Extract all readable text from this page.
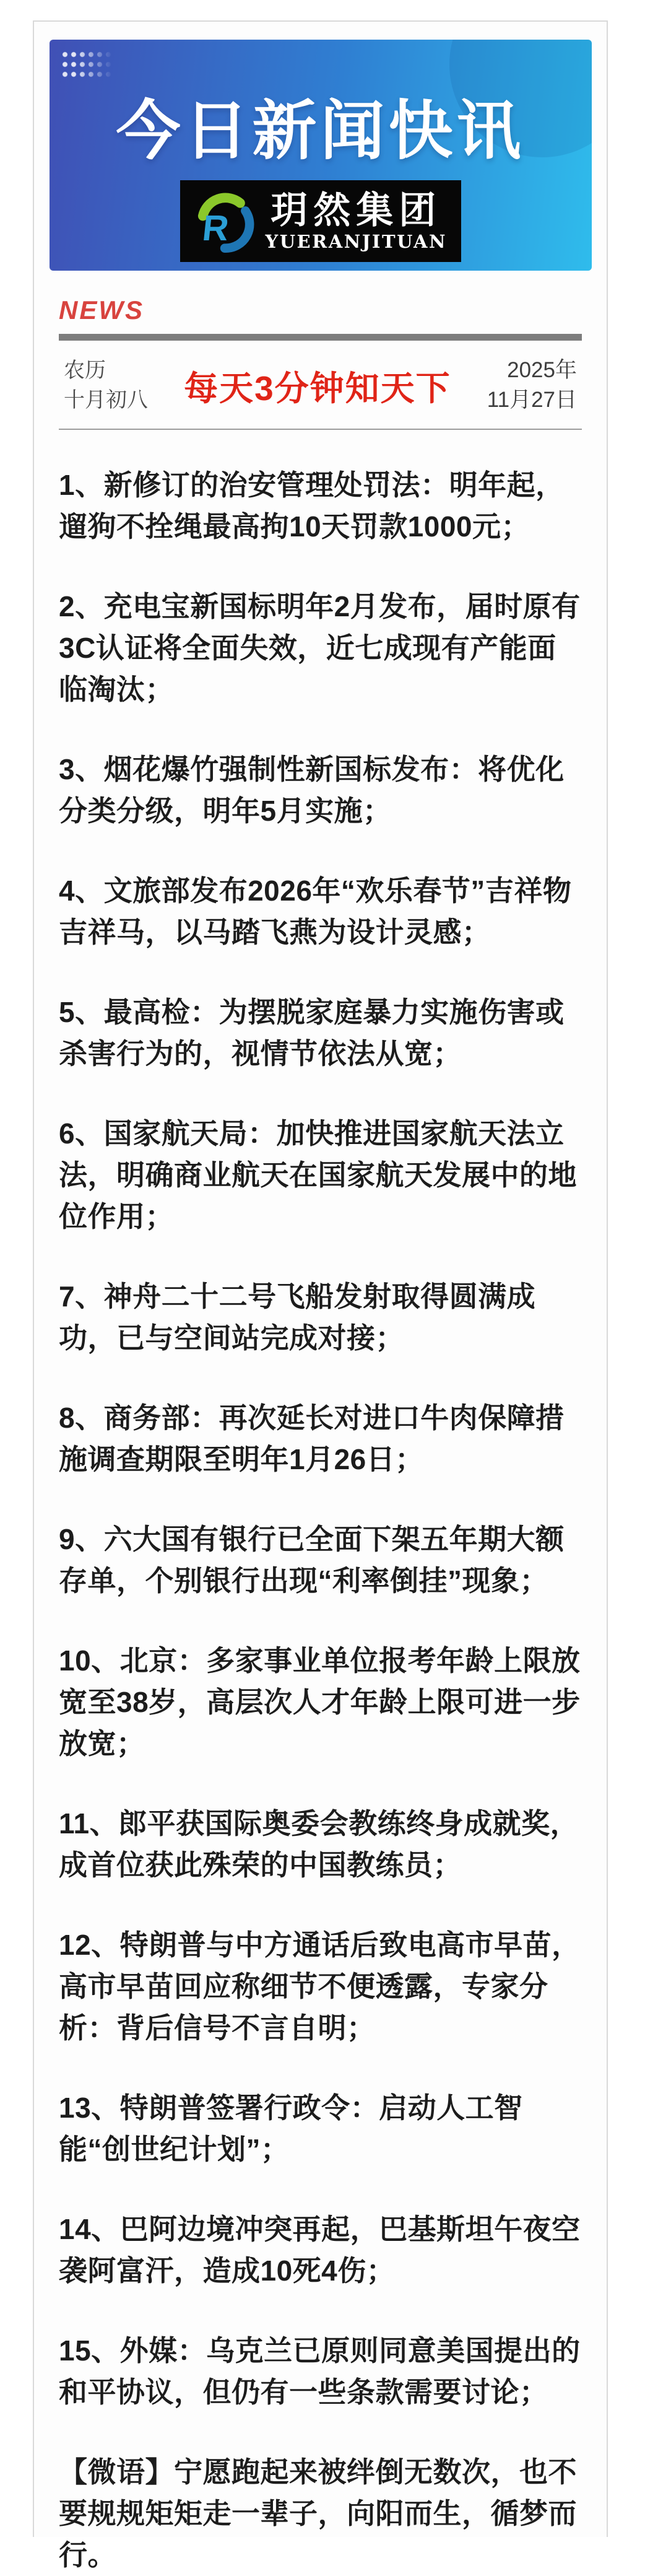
今日新闻快讯
R 玥然集团
YUERANJITUAN
NEWS
农历
十月初八	每天3分钟知天下	2025年
11月27日

1、新修订的治安管理处罚法：明年起，遛狗不拴绳最高拘10天罚款1000元；

2、充电宝新国标明年2月发布，届时原有3C认证将全面失效，近七成现有产能面临淘汰；

3、烟花爆竹强制性新国标发布：将优化分类分级，明年5月实施；

4、文旅部发布2026年“欢乐春节”吉祥物吉祥马，以马踏飞燕为设计灵感；

5、最高检：为摆脱家庭暴力实施伤害或杀害行为的，视情节依法从宽；

6、国家航天局：加快推进国家航天法立法，明确商业航天在国家航天发展中的地位作用；

7、神舟二十二号飞船发射取得圆满成功，已与空间站完成对接；

8、商务部：再次延长对进口牛肉保障措施调查期限至明年1月26日；

9、六大国有银行已全面下架五年期大额存单，个别银行出现“利率倒挂”现象；

10、北京：多家事业单位报考年龄上限放宽至38岁，高层次人才年龄上限可进一步放宽；

11、郎平获国际奥委会教练终身成就奖，成首位获此殊荣的中国教练员；

12、特朗普与中方通话后致电高市早苗，高市早苗回应称细节不便透露，专家分析：背后信号不言自明；

13、特朗普签署行政令：启动人工智能“创世纪计划”；

14、巴阿边境冲突再起，巴基斯坦午夜空袭阿富汗，造成10死4伤；

15、外媒：乌克兰已原则同意美国提出的和平协议，但仍有一些条款需要讨论；

【微语】宁愿跑起来被绊倒无数次，也不要规规矩矩走一辈子，向阳而生，循梦而行。
